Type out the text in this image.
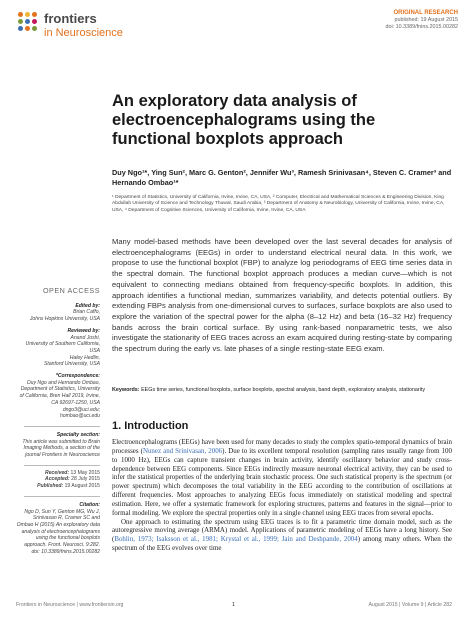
frontiers
in Neuroscience
ORIGINAL RESEARCH
published: 19 August 2015
doi: 10.3389/fnins.2015.00282
An exploratory data analysis of electroencephalograms using the functional boxplots approach
Duy Ngo¹*, Ying Sun², Marc G. Genton², Jennifer Wu³, Ramesh Srinivasan⁴, Steven C. Cramer³ and Hernando Ombao¹*
¹ Department of Statistics, University of California, Irvine, Irvine, CA, USA, ² Computer, Electrical and Mathematical Sciences & Engineering Division, King Abdullah University of Science and Technology Thuwal, Saudi Arabia, ³ Department of Anatomy & Neurobiology, University of California, Irvine, Irvine, CA, USA, ⁴ Department of Cognitive Sciences, University of California, Irvine, Irvine, CA, USA
Many model-based methods have been developed over the last several decades for analysis of electroencephalograms (EEGs) in order to understand electrical neural data. In this work, we propose to use the functional boxplot (FBP) to analyze log periodograms of EEG time series data in the spectral domain. The functional boxplot approach produces a median curve—which is not equivalent to connecting medians obtained from frequency-specific boxplots. In addition, this approach identifies a functional median, summarizes variability, and detects potential outliers. By extending FBPs analysis from one-dimensional curves to surfaces, surface boxplots are also used to explore the variation of the spectral power for the alpha (8–12 Hz) and beta (16–32 Hz) frequency bands across the brain cortical surface. By using rank-based nonparametric tests, we also investigate the stationarity of EEG traces across an exam acquired during resting-state by comparing the spectrum during the early vs. late phases of a single resting-state EEG exam.
Keywords: EEGs time series, functional boxplots, surface boxplots, spectral analysis, band depth, exploratory analysis, stationarity
OPEN ACCESS
Edited by:
Brian Caffo,
Johns Hopkins University, USA
Reviewed by:
Anand Joshi,
University of Southern California, USA
Haley Hedlin,
Stanford University, USA
*Correspondence:
Duy Ngo and Hernando Ombao,
Department of Statistics, University of California, Bren Hall 2019, Irvine,
CA 92697-1250, USA
dngo3@uci.edu;
hombao@uci.edu
Specialty section:
This article was submitted to Brain Imaging Methods, a section of the journal Frontiers in Neuroscience
Received: 13 May 2015
Accepted: 28 July 2015
Published: 19 August 2015
Citation:
Ngo D, Sun Y, Genton MG, Wu J, Srinivasan R, Cramer SC and Ombao H (2015) An exploratory data analysis of electroencephalograms using the functional boxplots approach. Front. Neurosci. 9:282. doi: 10.3389/fnins.2015.00282
1. Introduction

Electroencephalograms (EEGs) have been used for many decades to study the complex spatio-temporal dynamics of brain processes (Nunez and Srinivasan, 2006). Due to its excellent temporal resolution (sampling rates usually range from 100 to 1000 Hz), EEGs can capture transient changes in brain activity, identify oscillatory behavior and study cross-dependence between EEG components. Since EEGs indirectly measure neuronal electrical activity, they can be used to infer the statistical properties of the underlying brain stochastic process. One such statistical property is the spectrum (or power spectrum) which decomposes the total variability in the EEG according to the contribution of oscillations at different frequencies. Most approaches to analyzing EEGs focus immediately on statistical modeling and spectral estimation. Here, we offer a systematic framework for exploring structures, patterns and features in the signal—prior to formal modeling. We explore the spectral properties only in a single channel using EEG traces from several epochs.

One approach to estimating the spectrum using EEG traces is to fit a parametric time domain model, such as the autoregressive moving average (ARMA) model. Applications of parametric modeling of EEGs have a long history. See (Bohlin, 1973; Isaksson et al., 1981; Krystal et al., 1999; Jain and Deshpande, 2004) among many others. When the spectrum of the EEG evolves over time

Frontiers in Neuroscience | www.frontiersin.org	1	August 2015 | Volume 9 | Article 282
